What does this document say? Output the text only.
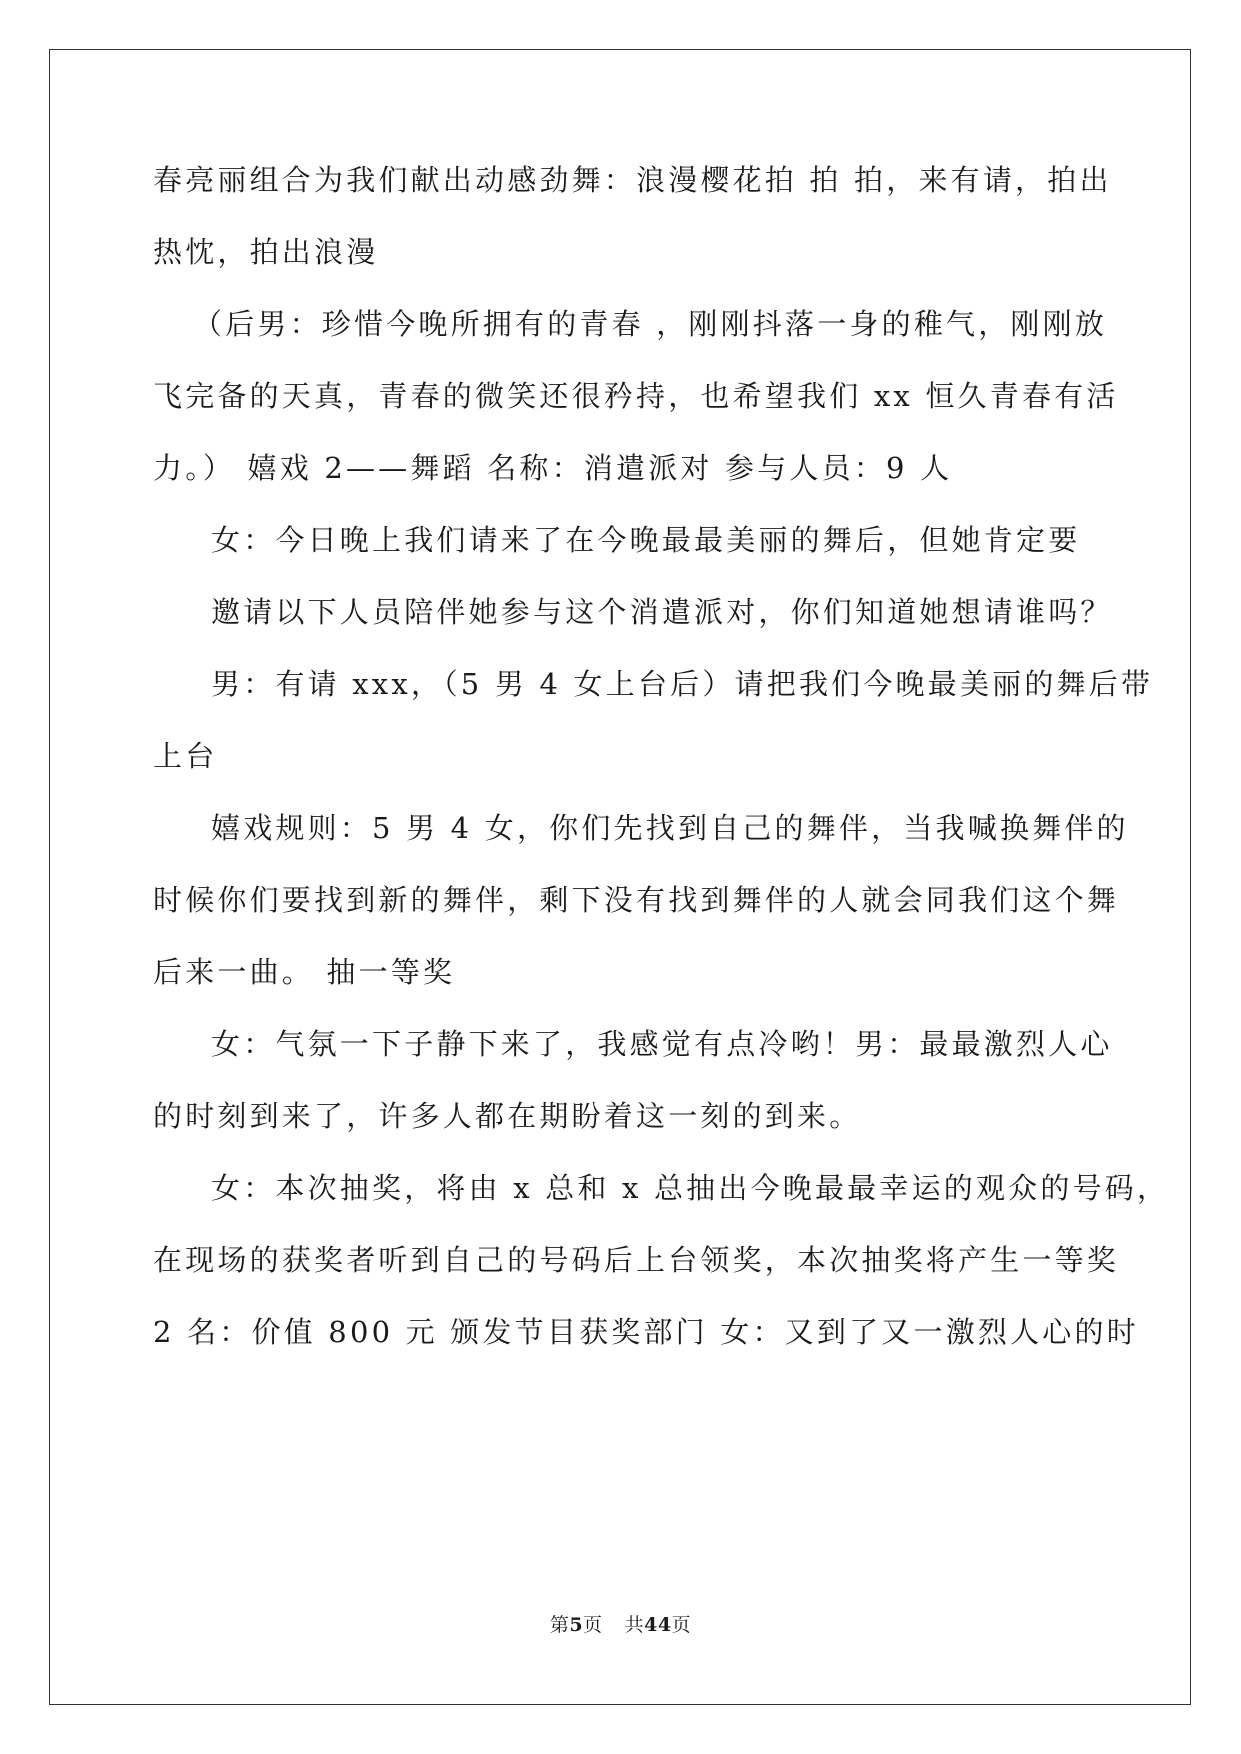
春亮丽组合为我们献出动感劲舞：浪漫樱花拍 拍 拍，来有请，拍出
热忱，拍出浪漫
（后男：珍惜今晚所拥有的青春 ，刚刚抖落一身的稚气，刚刚放
飞完备的天真，青春的微笑还很矜持，也希望我们 xx 恒久青春有活
力。） 嬉戏 2——舞蹈 名称：消遣派对 参与人员：9 人
女：今日晚上我们请来了在今晚最最美丽的舞后，但她肯定要
邀请以下人员陪伴她参与这个消遣派对，你们知道她想请谁吗？
男：有请 xxx，（5 男 4 女上台后）请把我们今晚最美丽的舞后带
上台
嬉戏规则：5 男 4 女，你们先找到自己的舞伴，当我喊换舞伴的
时候你们要找到新的舞伴，剩下没有找到舞伴的人就会同我们这个舞
后来一曲。 抽一等奖
女：气氛一下子静下来了，我感觉有点冷哟！男：最最激烈人心
的时刻到来了，许多人都在期盼着这一刻的到来。
女：本次抽奖，将由 x 总和 x 总抽出今晚最最幸运的观众的号码，
在现场的获奖者听到自己的号码后上台领奖，本次抽奖将产生一等奖
2 名：价值 800 元 颁发节目获奖部门 女：又到了又一激烈人心的时
第5页 共44页
